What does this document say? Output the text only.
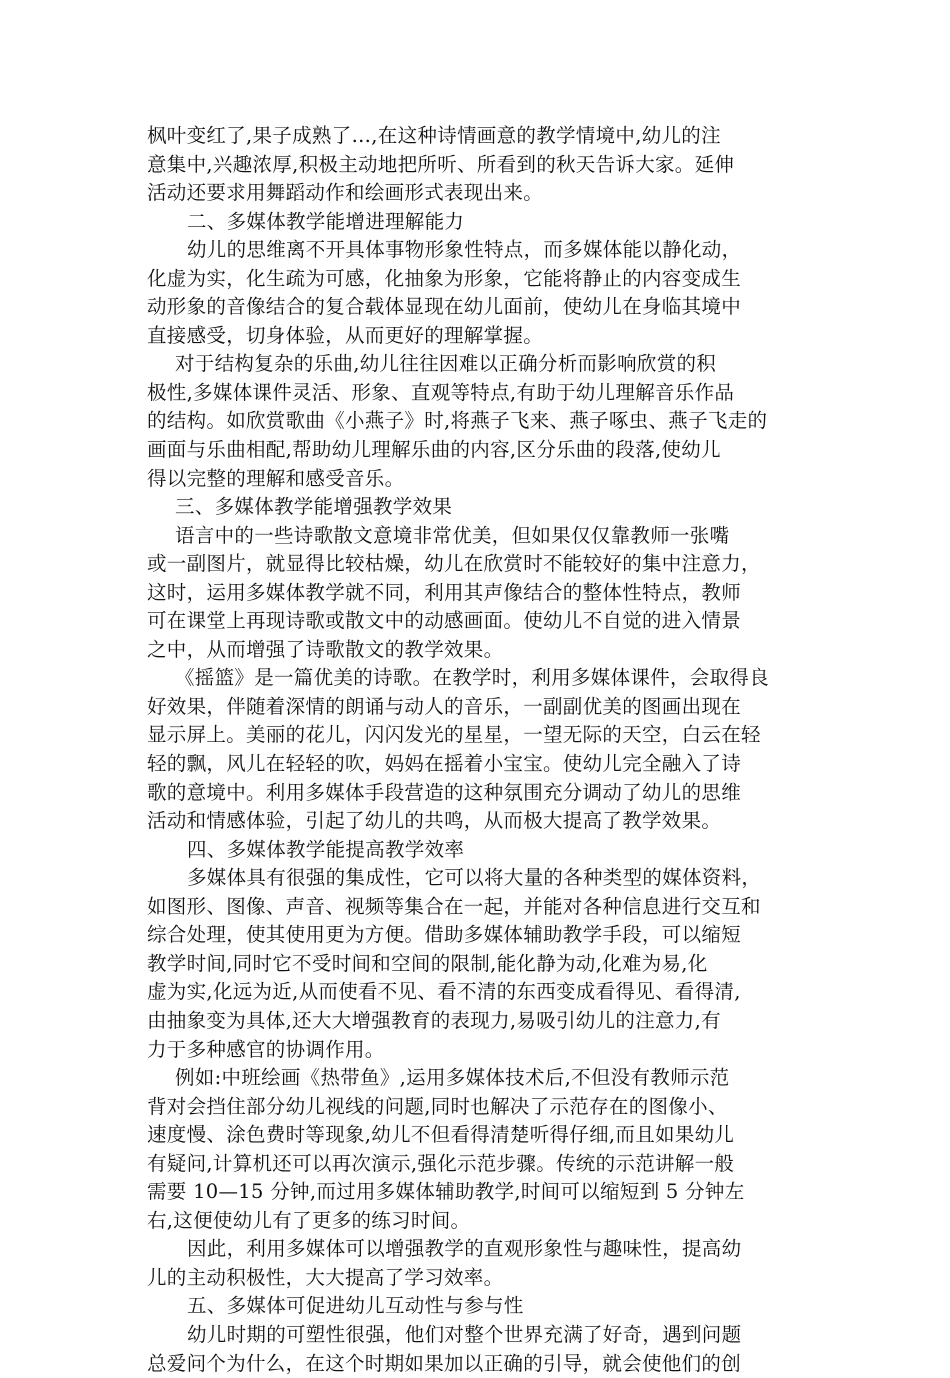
枫叶变红了,果子成熟了…,在这种诗情画意的教学情境中,幼儿的注
意集中,兴趣浓厚,积极主动地把所听、所看到的秋天告诉大家。延伸
活动还要求用舞蹈动作和绘画形式表现出来。
二、多媒体教学能增进理解能力
幼儿的思维离不开具体事物形象性特点，而多媒体能以静化动，
化虚为实，化生疏为可感，化抽象为形象，它能将静止的内容变成生
动形象的音像结合的复合载体显现在幼儿面前，使幼儿在身临其境中
直接感受，切身体验，从而更好的理解掌握。
对于结构复杂的乐曲,幼儿往往因难以正确分析而影响欣赏的积
极性,多媒体课件灵活、形象、直观等特点,有助于幼儿理解音乐作品
的结构。如欣赏歌曲《小燕子》时,将燕子飞来、燕子啄虫、燕子飞走的
画面与乐曲相配,帮助幼儿理解乐曲的内容,区分乐曲的段落,使幼儿
得以完整的理解和感受音乐。
三、多媒体教学能增强教学效果
语言中的一些诗歌散文意境非常优美，但如果仅仅靠教师一张嘴
或一副图片，就显得比较枯燥，幼儿在欣赏时不能较好的集中注意力，
这时，运用多媒体教学就不同，利用其声像结合的整体性特点，教师
可在课堂上再现诗歌或散文中的动感画面。使幼儿不自觉的进入情景
之中，从而增强了诗歌散文的教学效果。
《摇篮》是一篇优美的诗歌。在教学时，利用多媒体课件，会取得良
好效果，伴随着深情的朗诵与动人的音乐，一副副优美的图画出现在
显示屏上。美丽的花儿，闪闪发光的星星，一望无际的天空，白云在轻
轻的飘，风儿在轻轻的吹，妈妈在摇着小宝宝。使幼儿完全融入了诗
歌的意境中。利用多媒体手段营造的这种氛围充分调动了幼儿的思维
活动和情感体验，引起了幼儿的共鸣，从而极大提高了教学效果。
四、多媒体教学能提高教学效率
多媒体具有很强的集成性，它可以将大量的各种类型的媒体资料，
如图形、图像、声音、视频等集合在一起，并能对各种信息进行交互和
综合处理，使其使用更为方便。借助多媒体辅助教学手段，可以缩短
教学时间,同时它不受时间和空间的限制,能化静为动,化难为易,化
虚为实,化远为近,从而使看不见、看不清的东西变成看得见、看得清,
由抽象变为具体,还大大增强教育的表现力,易吸引幼儿的注意力,有
力于多种感官的协调作用。
例如:中班绘画《热带鱼》,运用多媒体技术后,不但没有教师示范
背对会挡住部分幼儿视线的问题,同时也解决了示范存在的图像小、
速度慢、涂色费时等现象,幼儿不但看得清楚听得仔细,而且如果幼儿
有疑问,计算机还可以再次演示,强化示范步骤。传统的示范讲解一般
需要 10—15 分钟,而过用多媒体辅助教学,时间可以缩短到 5 分钟左
右,这便使幼儿有了更多的练习时间。
因此，利用多媒体可以增强教学的直观形象性与趣味性，提高幼
儿的主动积极性，大大提高了学习效率。
五、多媒体可促进幼儿互动性与参与性
幼儿时期的可塑性很强，他们对整个世界充满了好奇，遇到问题
总爱问个为什么，在这个时期如果加以正确的引导，就会使他们的创
